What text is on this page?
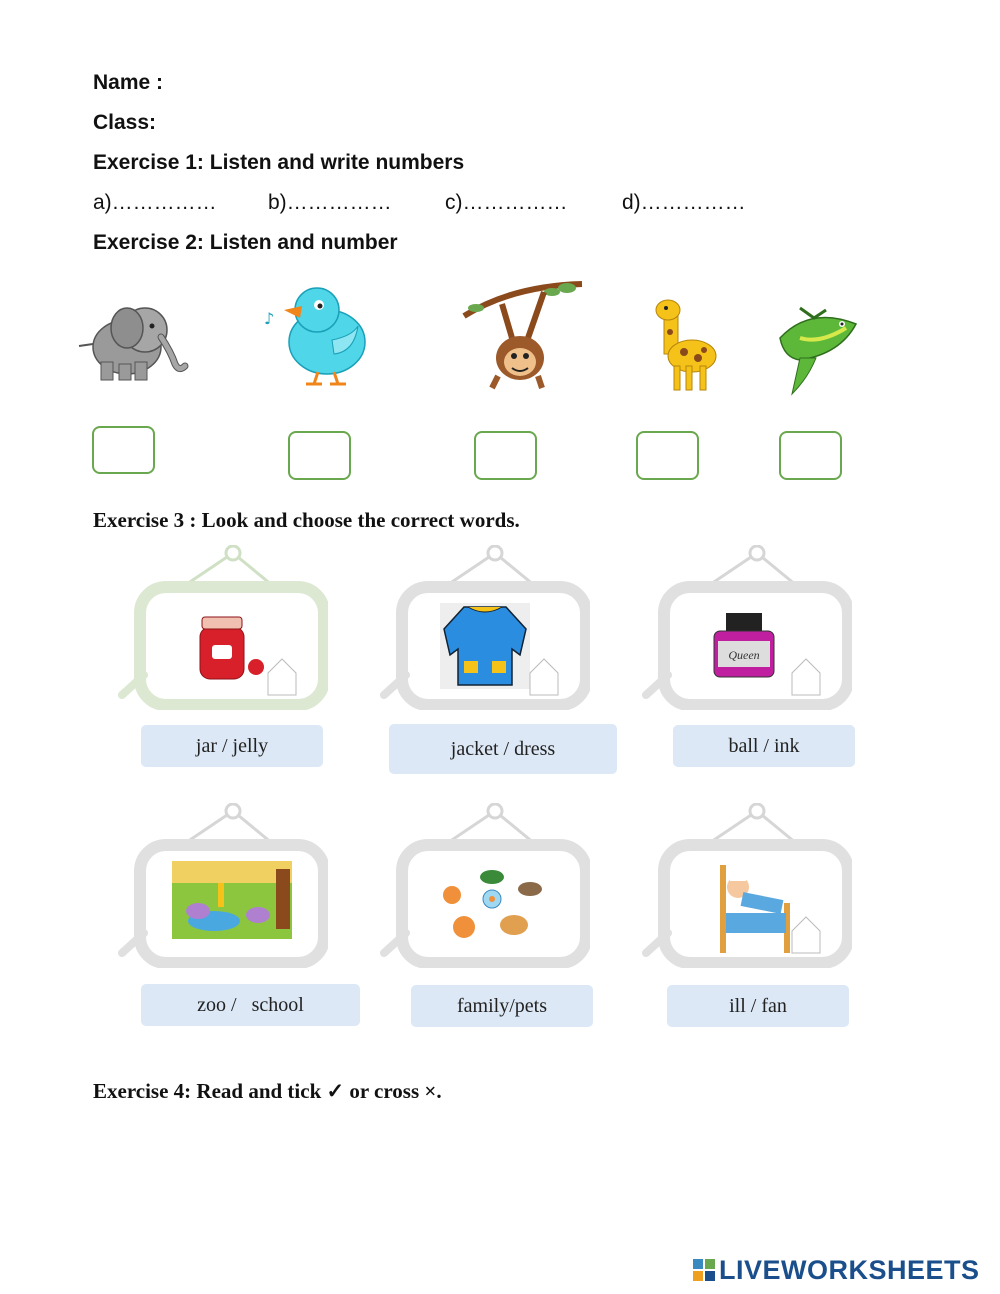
Name :
Class:
Exercise 1: Listen and write numbers
a)…………… b)……………	c)……………	d)……………
Exercise 2: Listen and number
♪
Exercise 3 : Look and choose the correct words.
Queen
jar / jelly	jacket / dress	ball / ink
zoo /   school	family/pets	ill / fan
Exercise 4: Read and tick ✓ or cross ×.
LIVEWORKSHEETS
